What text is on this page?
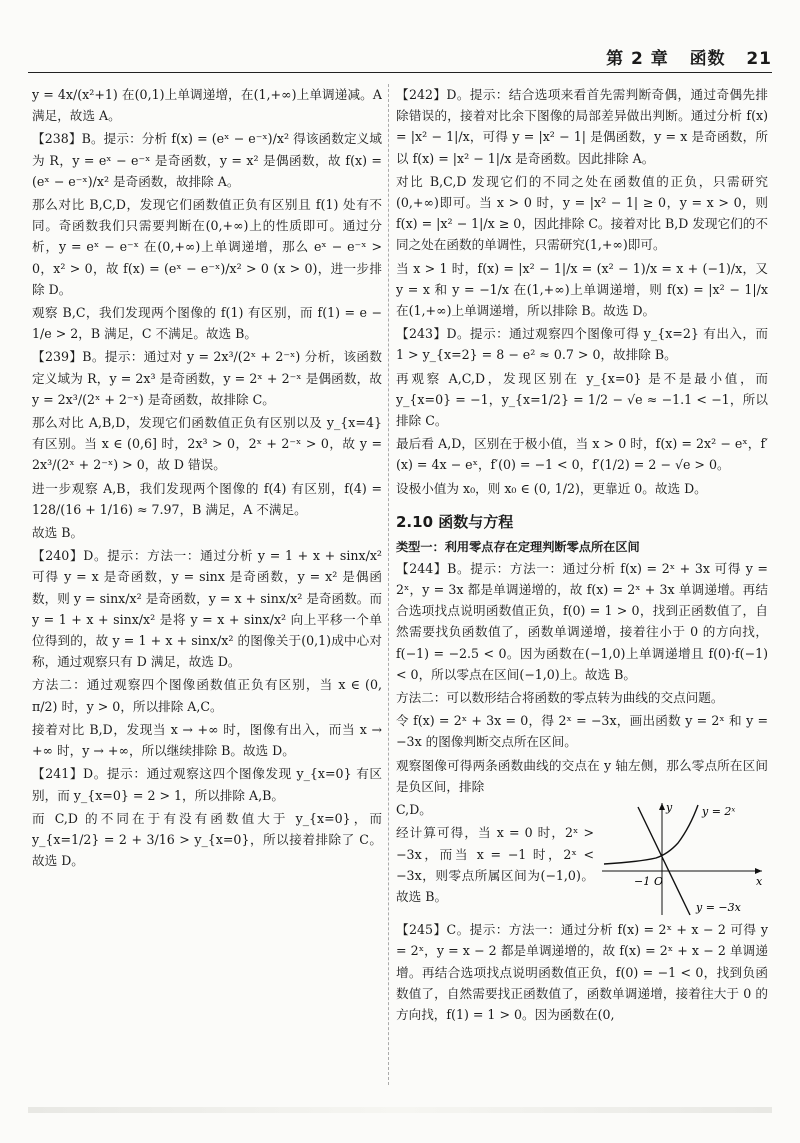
第 2 章 函数 21

y = 4x/(x²+1) 在(0,1)上单调递增，在(1,+∞)上单调递减。A 满足，故选 A。

【238】B。提示：分析 f(x) = (eˣ − e⁻ˣ)/x² 得该函数定义域为 R，y = eˣ − e⁻ˣ 是奇函数，y = x² 是偶函数，故 f(x) = (eˣ − e⁻ˣ)/x² 是奇函数，故排除 A。

那么对比 B,C,D，发现它们函数值正负有区别且 f(1) 处有不同。奇函数我们只需要判断在(0,+∞)上的性质即可。通过分析，y = eˣ − e⁻ˣ 在(0,+∞)上单调递增，那么 eˣ − e⁻ˣ > 0，x² > 0，故 f(x) = (eˣ − e⁻ˣ)/x² > 0 (x > 0)，进一步排除 D。

观察 B,C，我们发现两个图像的 f(1) 有区别，而 f(1) = e − 1/e > 2，B 满足，C 不满足。故选 B。

【239】B。提示：通过对 y = 2x³/(2ˣ + 2⁻ˣ) 分析，该函数定义域为 R，y = 2x³ 是奇函数，y = 2ˣ + 2⁻ˣ 是偶函数，故 y = 2x³/(2ˣ + 2⁻ˣ) 是奇函数，故排除 C。

那么对比 A,B,D，发现它们函数值正负有区别以及 y_{x=4} 有区别。当 x ∈ (0,6] 时，2x³ > 0，2ˣ + 2⁻ˣ > 0，故 y = 2x³/(2ˣ + 2⁻ˣ) > 0，故 D 错误。

进一步观察 A,B，我们发现两个图像的 f(4) 有区别，f(4) = 128/(16 + 1/16) ≈ 7.97，B 满足，A 不满足。

故选 B。

【240】D。提示：方法一：通过分析 y = 1 + x + sinx/x² 可得 y = x 是奇函数，y = sinx 是奇函数，y = x² 是偶函数，则 y = sinx/x² 是奇函数，y = x + sinx/x² 是奇函数。而 y = 1 + x + sinx/x² 是将 y = x + sinx/x² 向上平移一个单位得到的，故 y = 1 + x + sinx/x² 的图像关于(0,1)成中心对称，通过观察只有 D 满足，故选 D。

方法二：通过观察四个图像函数值正负有区别，当 x ∈ (0, π/2) 时，y > 0，所以排除 A,C。

接着对比 B,D，发现当 x → +∞ 时，图像有出入，而当 x → +∞ 时，y → +∞，所以继续排除 B。故选 D。

【241】D。提示：通过观察这四个图像发现 y_{x=0} 有区别，而 y_{x=0} = 2 > 1，所以排除 A,B。

而 C,D 的不同在于有没有函数值大于 y_{x=0}，而 y_{x=1/2} = 2 + 3/16 > y_{x=0}，所以接着排除了 C。故选 D。

【242】D。提示：结合选项来看首先需判断奇偶，通过奇偶先排除错误的，接着对比余下图像的局部差异做出判断。通过分析 f(x) = |x² − 1|/x，可得 y = |x² − 1| 是偶函数，y = x 是奇函数，所以 f(x) = |x² − 1|/x 是奇函数。因此排除 A。

对比 B,C,D 发现它们的不同之处在函数值的正负，只需研究(0,+∞)即可。当 x > 0 时，y = |x² − 1| ≥ 0，y = x > 0，则 f(x) = |x² − 1|/x ≥ 0，因此排除 C。接着对比 B,D 发现它们的不同之处在函数的单调性，只需研究(1,+∞)即可。

当 x > 1 时，f(x) = |x² − 1|/x = (x² − 1)/x = x + (−1)/x，又 y = x 和 y = −1/x 在(1,+∞)上单调递增，则 f(x) = |x² − 1|/x 在(1,+∞)上单调递增，所以排除 B。故选 D。

【243】D。提示：通过观察四个图像可得 y_{x=2} 有出入，而 1 > y_{x=2} = 8 − e² ≈ 0.7 > 0，故排除 B。

再观察 A,C,D，发现区别在 y_{x=0} 是不是最小值，而 y_{x=0} = −1，y_{x=1/2} = 1/2 − √e ≈ −1.1 < −1，所以排除 C。

最后看 A,D，区别在于极小值，当 x > 0 时，f(x) = 2x² − eˣ，f′(x) = 4x − eˣ，f′(0) = −1 < 0，f′(1/2) = 2 − √e > 0。

设极小值为 x₀，则 x₀ ∈ (0, 1/2)，更靠近 0。故选 D。

2.10 函数与方程
类型一：利用零点存在定理判断零点所在区间

【244】B。提示：方法一：通过分析 f(x) = 2ˣ + 3x 可得 y = 2ˣ，y = 3x 都是单调递增的，故 f(x) = 2ˣ + 3x 单调递增。再结合选项找点说明函数值正负，f(0) = 1 > 0，找到正函数值了，自然需要找负函数值了，函数单调递增，接着往小于 0 的方向找，f(−1) = −2.5 < 0。因为函数在(−1,0)上单调递增且 f(0)·f(−1) < 0，所以零点在区间(−1,0)上。故选 B。

方法二：可以数形结合将函数的零点转为曲线的交点问题。

令 f(x) = 2ˣ + 3x = 0，得 2ˣ = −3x，画出函数 y = 2ˣ 和 y = −3x 的图像判断交点所在区间。

观察图像可得两条函数曲线的交点在 y 轴左侧，那么零点所在区间是负区间，排除

C,D。

经计算可得，当 x = 0 时，2ˣ > −3x，而当 x = −1 时，2ˣ < −3x，则零点所属区间为(−1,0)。故选 B。

y
x
−1 O
y = 2ˣ
y = −3x

【245】C。提示：方法一：通过分析 f(x) = 2ˣ + x − 2 可得 y = 2ˣ，y = x − 2 都是单调递增的，故 f(x) = 2ˣ + x − 2 单调递增。再结合选项找点说明函数值正负，f(0) = −1 < 0，找到负函数值了，自然需要找正函数值了，函数单调递增，接着往大于 0 的方向找，f(1) = 1 > 0。因为函数在(0,
